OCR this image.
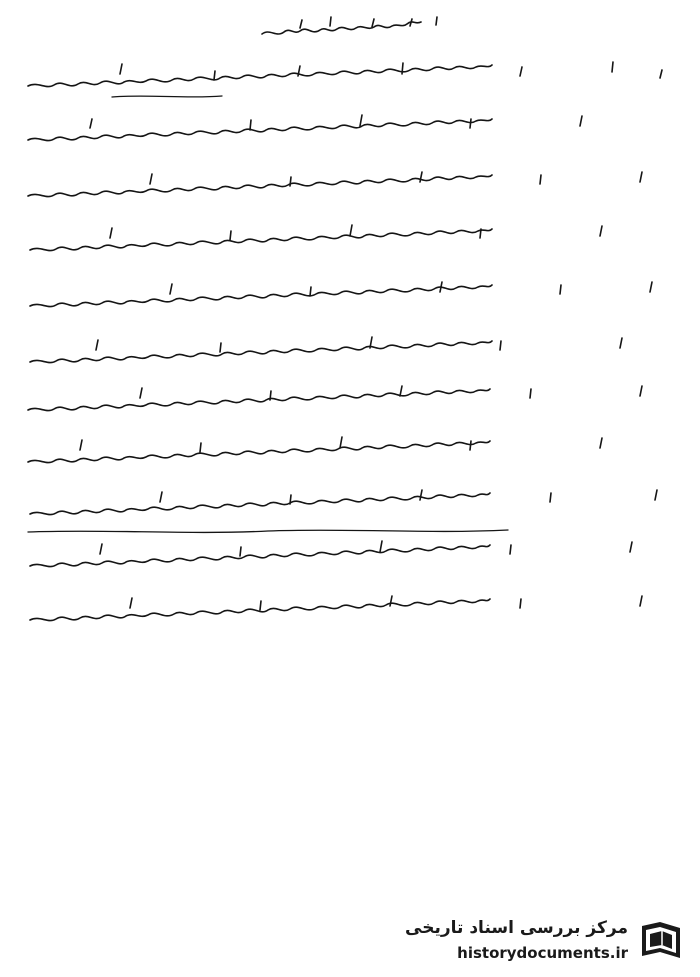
مرکز بررسی اسناد تاریخی
historydocuments.ir
